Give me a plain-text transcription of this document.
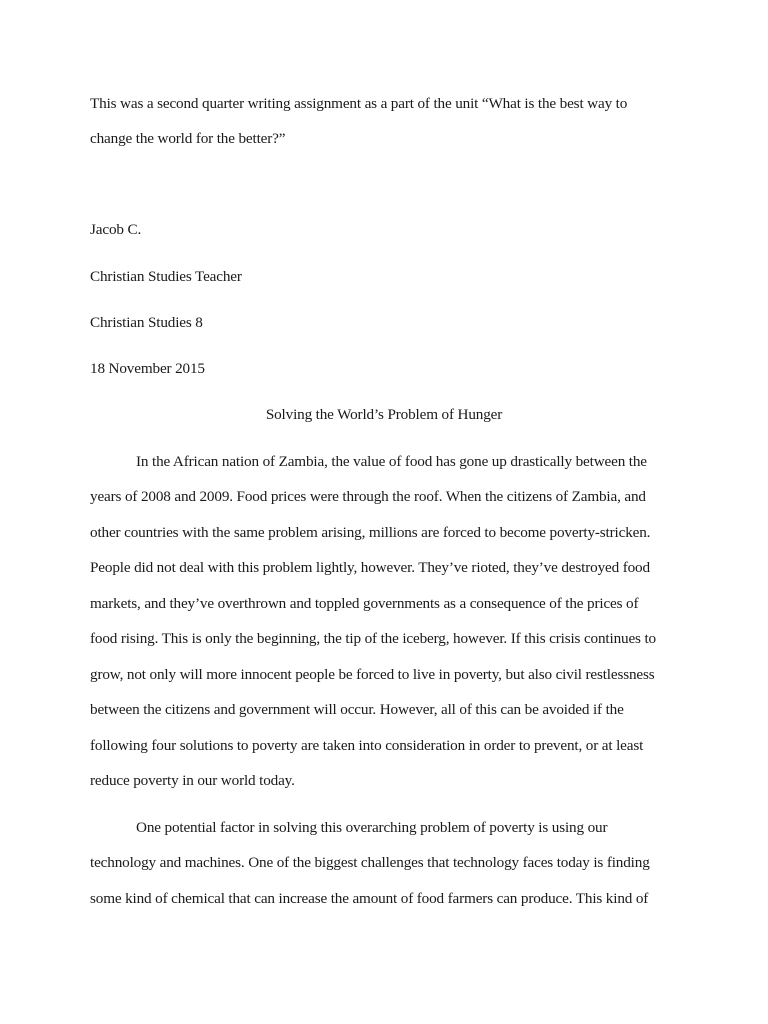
This was a second quarter writing assignment as a part of the unit “What is the best way to
change the world for the better?”
Jacob C.
Christian Studies Teacher
Christian Studies 8
18 November 2015
Solving the World’s Problem of Hunger
In the African nation of Zambia, the value of food has gone up drastically between the
years of 2008 and 2009. Food prices were through the roof. When the citizens of Zambia, and
other countries with the same problem arising, millions are forced to become poverty-stricken.
People did not deal with this problem lightly, however. They’ve rioted, they’ve destroyed food
markets, and they’ve overthrown and toppled governments as a consequence of the prices of
food rising. This is only the beginning, the tip of the iceberg, however. If this crisis continues to
grow, not only will more innocent people be forced to live in poverty, but also civil restlessness
between the citizens and government will occur. However, all of this can be avoided if the
following four solutions to poverty are taken into consideration in order to prevent, or at least
reduce poverty in our world today.
One potential factor in solving this overarching problem of poverty is using our
technology and machines. One of the biggest challenges that technology faces today is finding
some kind of chemical that can increase the amount of food farmers can produce. This kind of
